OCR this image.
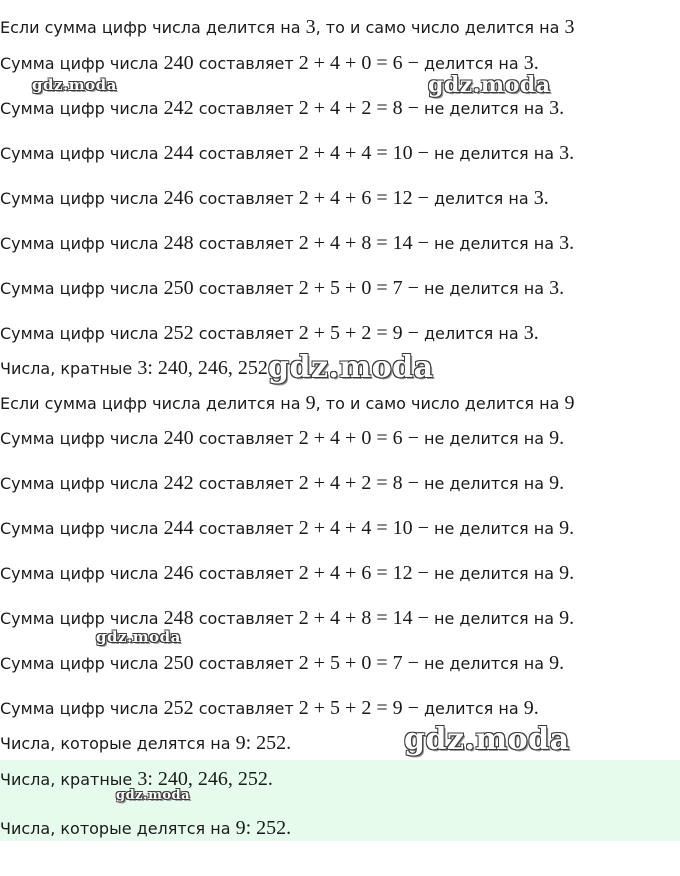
Если сумма цифр числа делится на 3, то и само число делится на 3
Сумма цифр числа 240 составляет 2 + 4 + 0 = 6 − делится на 3.
Сумма цифр числа 242 составляет 2 + 4 + 2 = 8 − не делится на 3.
Сумма цифр числа 244 составляет 2 + 4 + 4 = 10 − не делится на 3.
Сумма цифр числа 246 составляет 2 + 4 + 6 = 12 − делится на 3.
Сумма цифр числа 248 составляет 2 + 4 + 8 = 14 − не делится на 3.
Сумма цифр числа 250 составляет 2 + 5 + 0 = 7 − не делится на 3.
Сумма цифр числа 252 составляет 2 + 5 + 2 = 9 − делится на 3.
Числа, кратные 3: 240, 246, 252.
Если сумма цифр числа делится на 9, то и само число делится на 9
Сумма цифр числа 240 составляет 2 + 4 + 0 = 6 − не делится на 9.
Сумма цифр числа 242 составляет 2 + 4 + 2 = 8 − не делится на 9.
Сумма цифр числа 244 составляет 2 + 4 + 4 = 10 − не делится на 9.
Сумма цифр числа 246 составляет 2 + 4 + 6 = 12 − не делится на 9.
Сумма цифр числа 248 составляет 2 + 4 + 8 = 14 − не делится на 9.
Сумма цифр числа 250 составляет 2 + 5 + 0 = 7 − не делится на 9.
Сумма цифр числа 252 составляет 2 + 5 + 2 = 9 − делится на 9.
Числа, которые делятся на 9: 252.
Числа, кратные 3: 240, 246, 252.
Числа, которые делятся на 9: 252.
gdz.moda	gdz.moda
gdz.moda
gdz.moda
gdz.moda
gdz.moda
